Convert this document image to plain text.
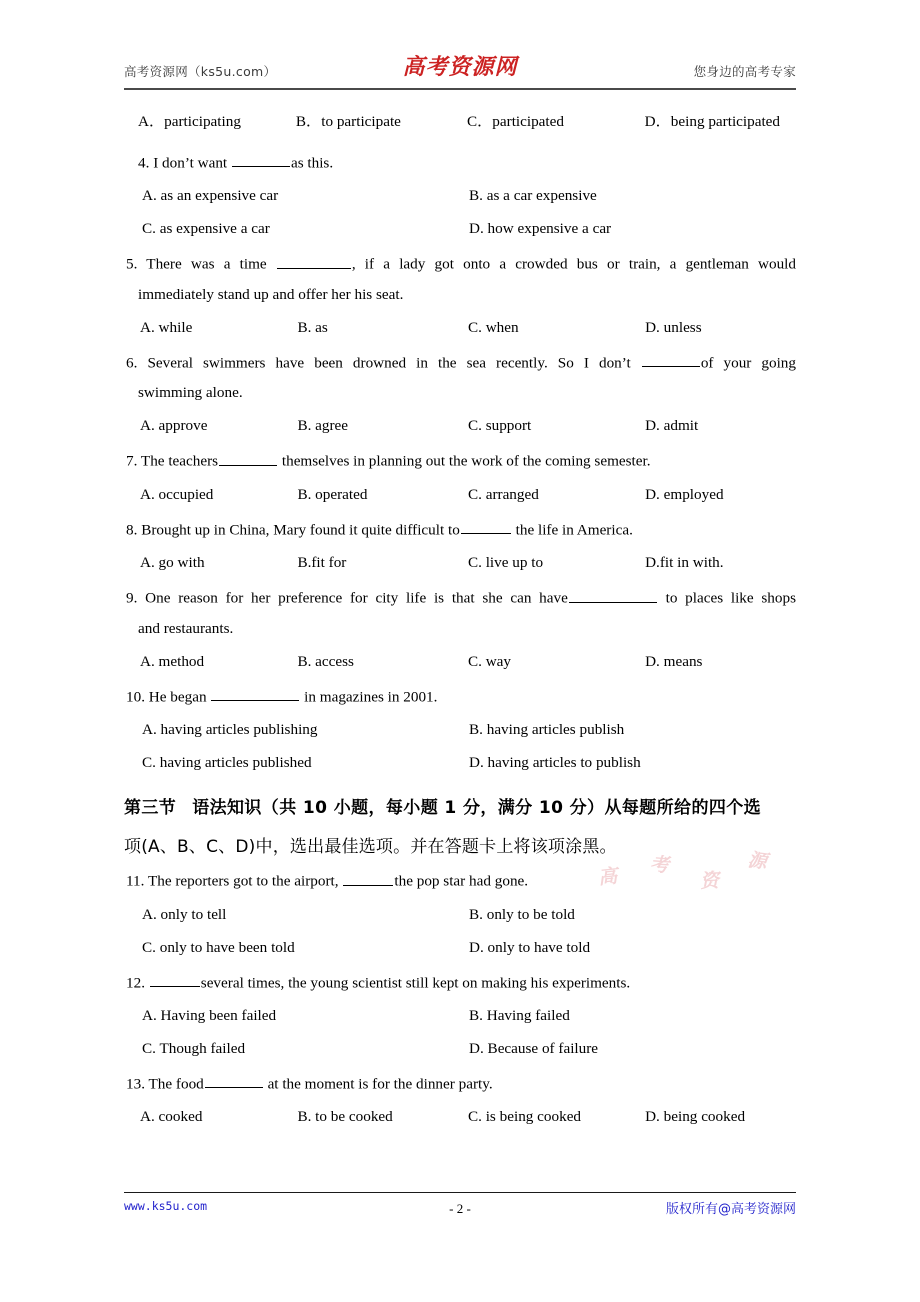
高考资源网（ks5u.com）	高考资源网	您身边的高考专家
高
考
资
源
A．participating	B．to participate	C．participated	D．being participated
4. I don’t want	as this.
A. as an expensive car	B. as a car expensive
C. as expensive a car	D. how expensive a car
5. There was a time	, if a lady got onto a crowded bus or train, a gentleman would
immediately stand up and offer her his seat.
A. while	B. as	C. when	D. unless
6. Several swimmers have been drowned in the sea recently. So I don’t	of your going
swimming alone.
A. approve	B. agree	C. support	D. admit
7. The teachers	themselves in planning out the work of the coming semester.
A. occupied	B. operated	C. arranged	D. employed
8. Brought up in China, Mary found it quite difficult to	the life in America.
A. go with	B.fit for	C. live up to	D.fit in with.
9. One reason for her preference for city life is that she can have	to places like shops
and restaurants.
A. method	B. access	C. way	D. means
10. He began	in magazines in 2001.
A. having articles publishing	B. having articles publish
C. having articles published	D. having articles to publish
第三节 语法知识（共 10 小题，每小题 1 分，满分 10 分）从每题所给的四个选
项(A、B、C、D)中，选出最佳选项。并在答题卡上将该项涂黑。
11. The reporters got to the airport,	the pop star had gone.
A. only to tell	B. only to be told
C. only to have been told	D. only to have told
12.	several times, the young scientist still kept on making his experiments.
A. Having been failed	B. Having failed
C. Though failed	D. Because of failure
13. The food	at the moment is for the dinner party.
A. cooked	B. to be cooked	C. is being cooked	D. being cooked
www.ks5u.com	- 2 -	版权所有@高考资源网
